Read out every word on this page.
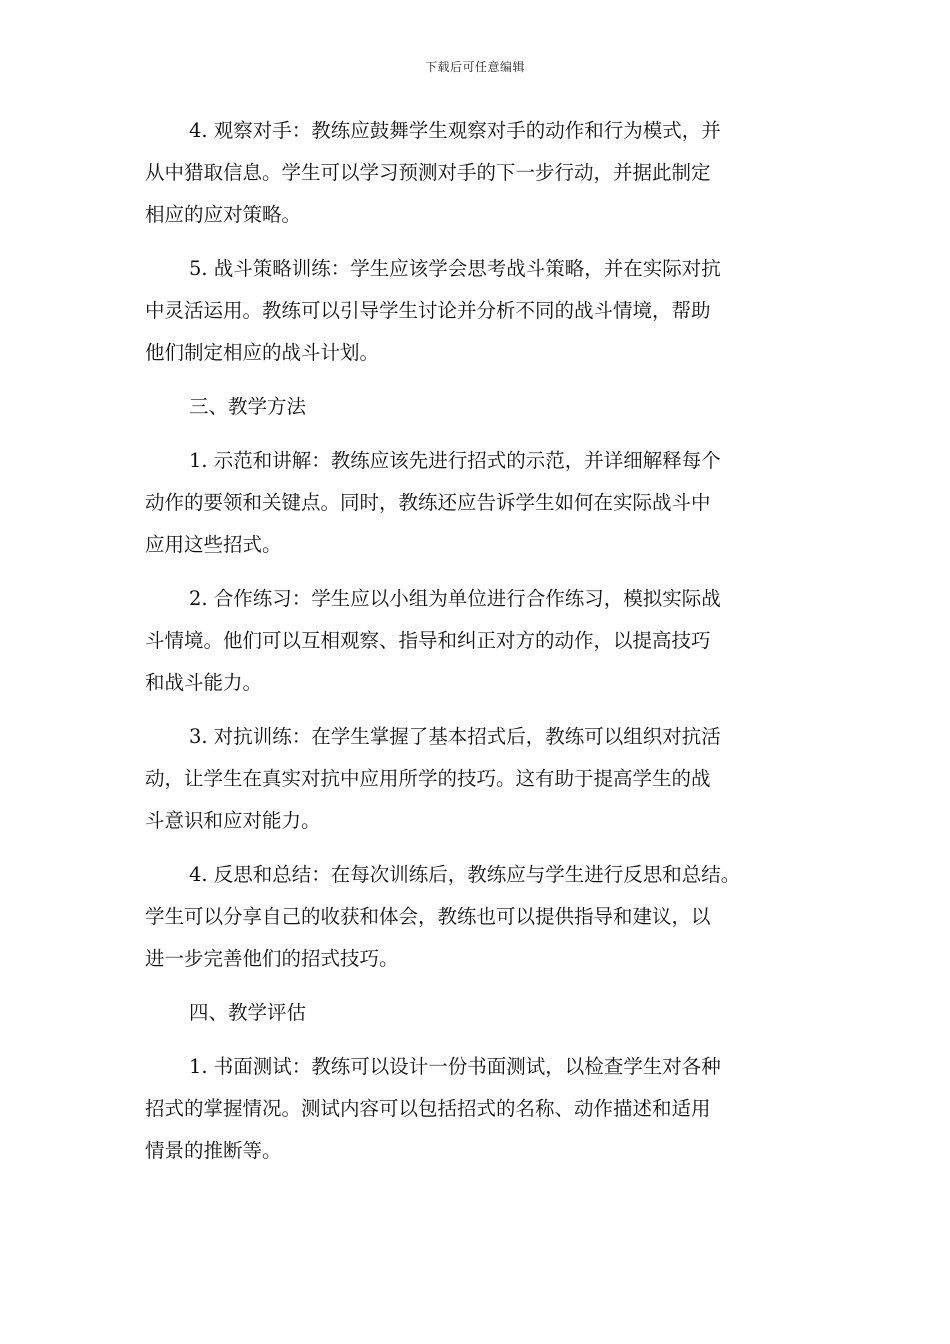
下载后可任意编辑
4. 观察对手：教练应鼓舞学生观察对手的动作和行为模式，并
从中猎取信息。学生可以学习预测对手的下一步行动，并据此制定
相应的应对策略。
5. 战斗策略训练：学生应该学会思考战斗策略，并在实际对抗
中灵活运用。教练可以引导学生讨论并分析不同的战斗情境，帮助
他们制定相应的战斗计划。
三、教学方法
1. 示范和讲解：教练应该先进行招式的示范，并详细解释每个
动作的要领和关键点。同时，教练还应告诉学生如何在实际战斗中
应用这些招式。
2. 合作练习：学生应以小组为单位进行合作练习，模拟实际战
斗情境。他们可以互相观察、指导和纠正对方的动作，以提高技巧
和战斗能力。
3. 对抗训练：在学生掌握了基本招式后，教练可以组织对抗活
动，让学生在真实对抗中应用所学的技巧。这有助于提高学生的战
斗意识和应对能力。
4. 反思和总结：在每次训练后，教练应与学生进行反思和总结。
学生可以分享自己的收获和体会，教练也可以提供指导和建议，以
进一步完善他们的招式技巧。
四、教学评估
1. 书面测试：教练可以设计一份书面测试，以检查学生对各种
招式的掌握情况。测试内容可以包括招式的名称、动作描述和适用
情景的推断等。
